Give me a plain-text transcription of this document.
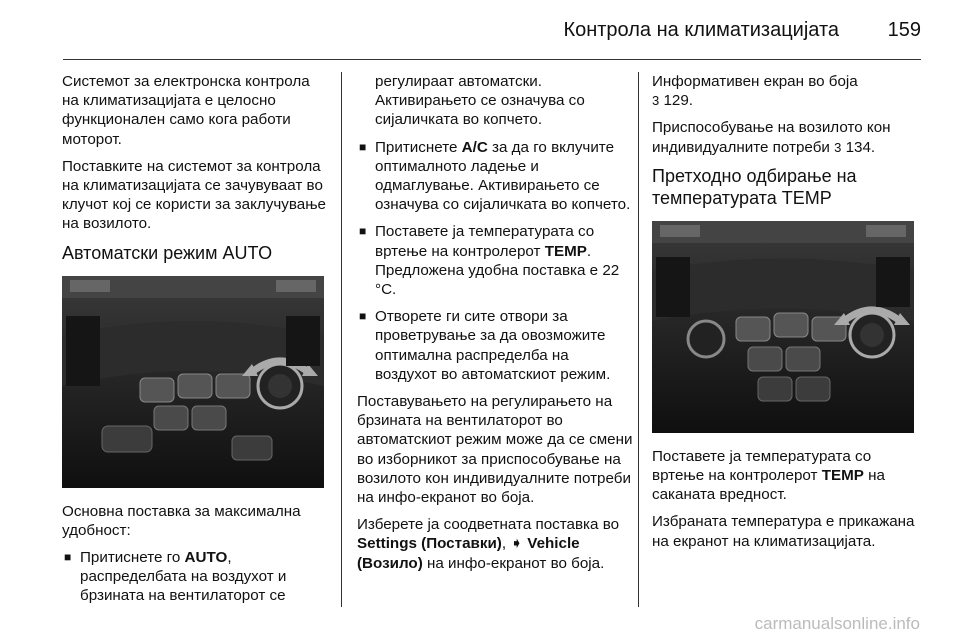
Контрола на климатизацијата 159

Системот за електронска контрола на климатизацијата е целосно функционален само кога работи моторот.

Поставките на системот за контрола на климатизацијата се зачувуваат во клучот кој се користи за заклучување на возилото.

Автоматски режим AUTO

Основна поставка за максимална удобност:

■ Притиснете го AUTO, распределбата на воздухот и брзината на вентилаторот се

регулираат автоматски. Активирањето се означува со сијаличката во копчето.

■ Притиснете A/C за да го вклучите оптималното ладење и одмаглување. Активирањето се означува со сијаличката во копчето.
■ Поставете ја температурата со вртење на контролерот TEMP. Предложена удобна поставка е 22 °C.
■ Отворете ги сите отвори за проветрување за да овозможите оптимална распределба на воздухот во автоматскиот режим.

Поставувањето на регулирањето на брзината на вентилаторот во автоматскиот режим може да се смени во изборникот за приспособување на возилото кон индивидуалните потреби на инфо-екранот во боја.

Изберете ја соодветната поставка во Settings (Поставки), ➧ Vehicle (Возило) на инфо-екранот во боја.

Информативен екран во боја
3 129.

Приспособување на возилото кон индивидуалните потреби 3 134.

Претходно одбирање на температурата TEMP

Поставете ја температурата со вртење на контролерот TEMP на саканата вредност.

Избраната температура е прикажана на екранот на климатизацијата.

carmanualsonline.info
